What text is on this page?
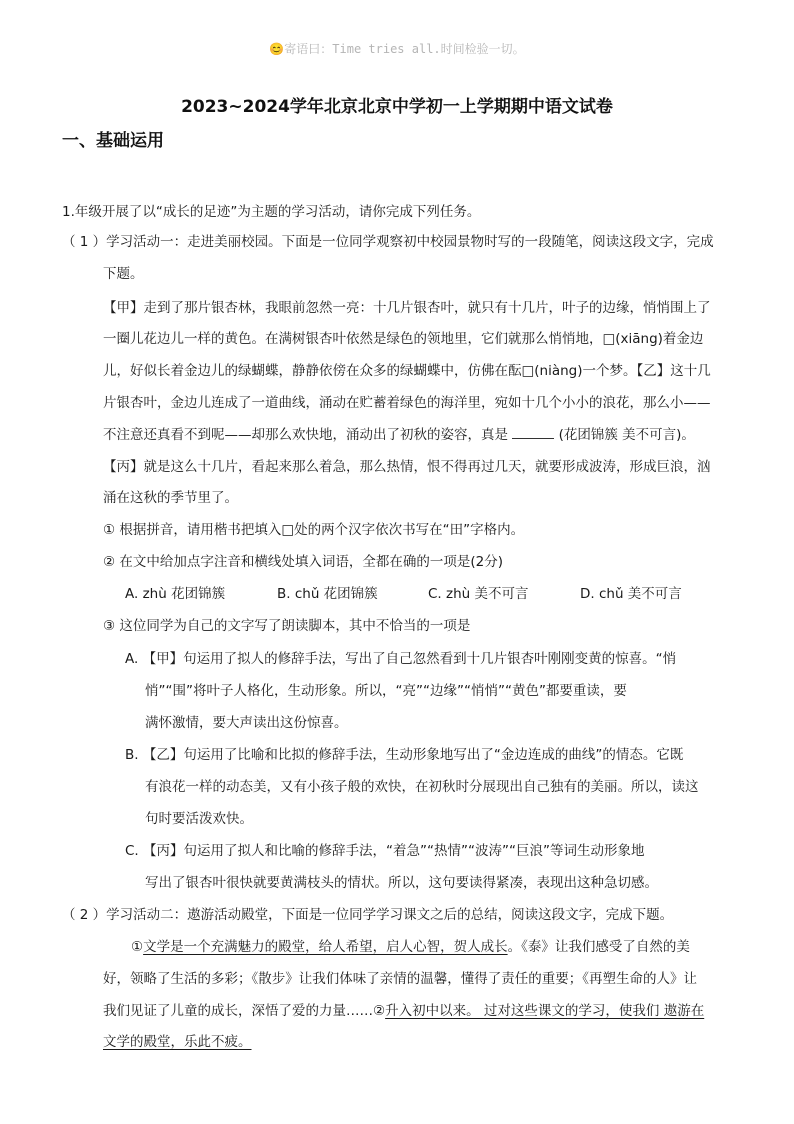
😊寄语曰：Time tries all.时间检验一切。
2023~2024学年北京北京中学初一上学期期中语文试卷
一、基础运用
1.年级开展了以“成长的足迹”为主题的学习活动，请你完成下列任务。
（ 1 ）学习活动一：走进美丽校园。下面是一位同学观察初中校园景物时写的一段随笔，阅读这段文字，完成
下题。
【甲】走到了那片银杏林，我眼前忽然一亮：十几片银杏叶，就只有十几片，叶子的边缘，悄悄围上了
一圈儿花边儿一样的黄色。在满树银杏叶依然是绿色的领地里，它们就那么悄悄地，□(xiāng)着金边
儿，好似长着金边儿的绿蝴蝶，静静依傍在众多的绿蝴蝶中，仿佛在酝□(niàng)一个梦。【乙】这十几
片银杏叶，金边儿连成了一道曲线，涌动在贮蓄着绿色的海洋里，宛如十几个小小的浪花，那么小——
不注意还真看不到呢——却那么欢快地，涌动出了初秋的姿容，真是	(花团锦簇 美不可言)。
【丙】就是这么十几片，看起来那么着急，那么热情，恨不得再过几天，就要形成波涛，形成巨浪，汹
涌在这秋的季节里了。
① 根据拼音，请用楷书把填入□处的两个汉字依次书写在“田”字格内。
② 在文中给加点字注音和横线处填入词语，全都在确的一项是(2分)
A. zhù 花团锦簇	B. chǔ 花团锦簇	C. zhù 美不可言	D. chǔ 美不可言
③ 这位同学为自己的文字写了朗读脚本，其中不恰当的一项是
A. 【甲】句运用了拟人的修辞手法，写出了自己忽然看到十几片银杏叶刚刚变黄的惊喜。“悄
悄”“围”将叶子人格化，生动形象。所以，“亮”“边缘”“悄悄”“黄色”都要重读，要
满怀激情，要大声读出这份惊喜。
B. 【乙】句运用了比喻和比拟的修辞手法，生动形象地写出了“金边连成的曲线”的情态。它既
有浪花一样的动态美，又有小孩子般的欢快，在初秋时分展现出自己独有的美丽。所以，读这
句时要活泼欢快。
C. 【丙】句运用了拟人和比喻的修辞手法，“着急”“热情”“波涛”“巨浪”等词生动形象地
写出了银杏叶很快就要黄满枝头的情状。所以，这句要读得紧凑，表现出这种急切感。
（ 2 ）学习活动二：遨游活动殿堂，下面是一位同学学习课文之后的总结，阅读这段文字，完成下题。
①文学是一个充满魅力的殿堂，给人希望，启人心智，贺人成长。《泰》让我们感受了自然的美
好，领略了生活的多彩；《散步》让我们体味了亲情的温馨，懂得了责任的重要；《再塑生命的人》让
我们见证了儿童的成长，深悟了爱的力量……②升入初中以来。 过对这些课文的学习，使我们 遨游在
文学的殿堂，乐此不疲。
